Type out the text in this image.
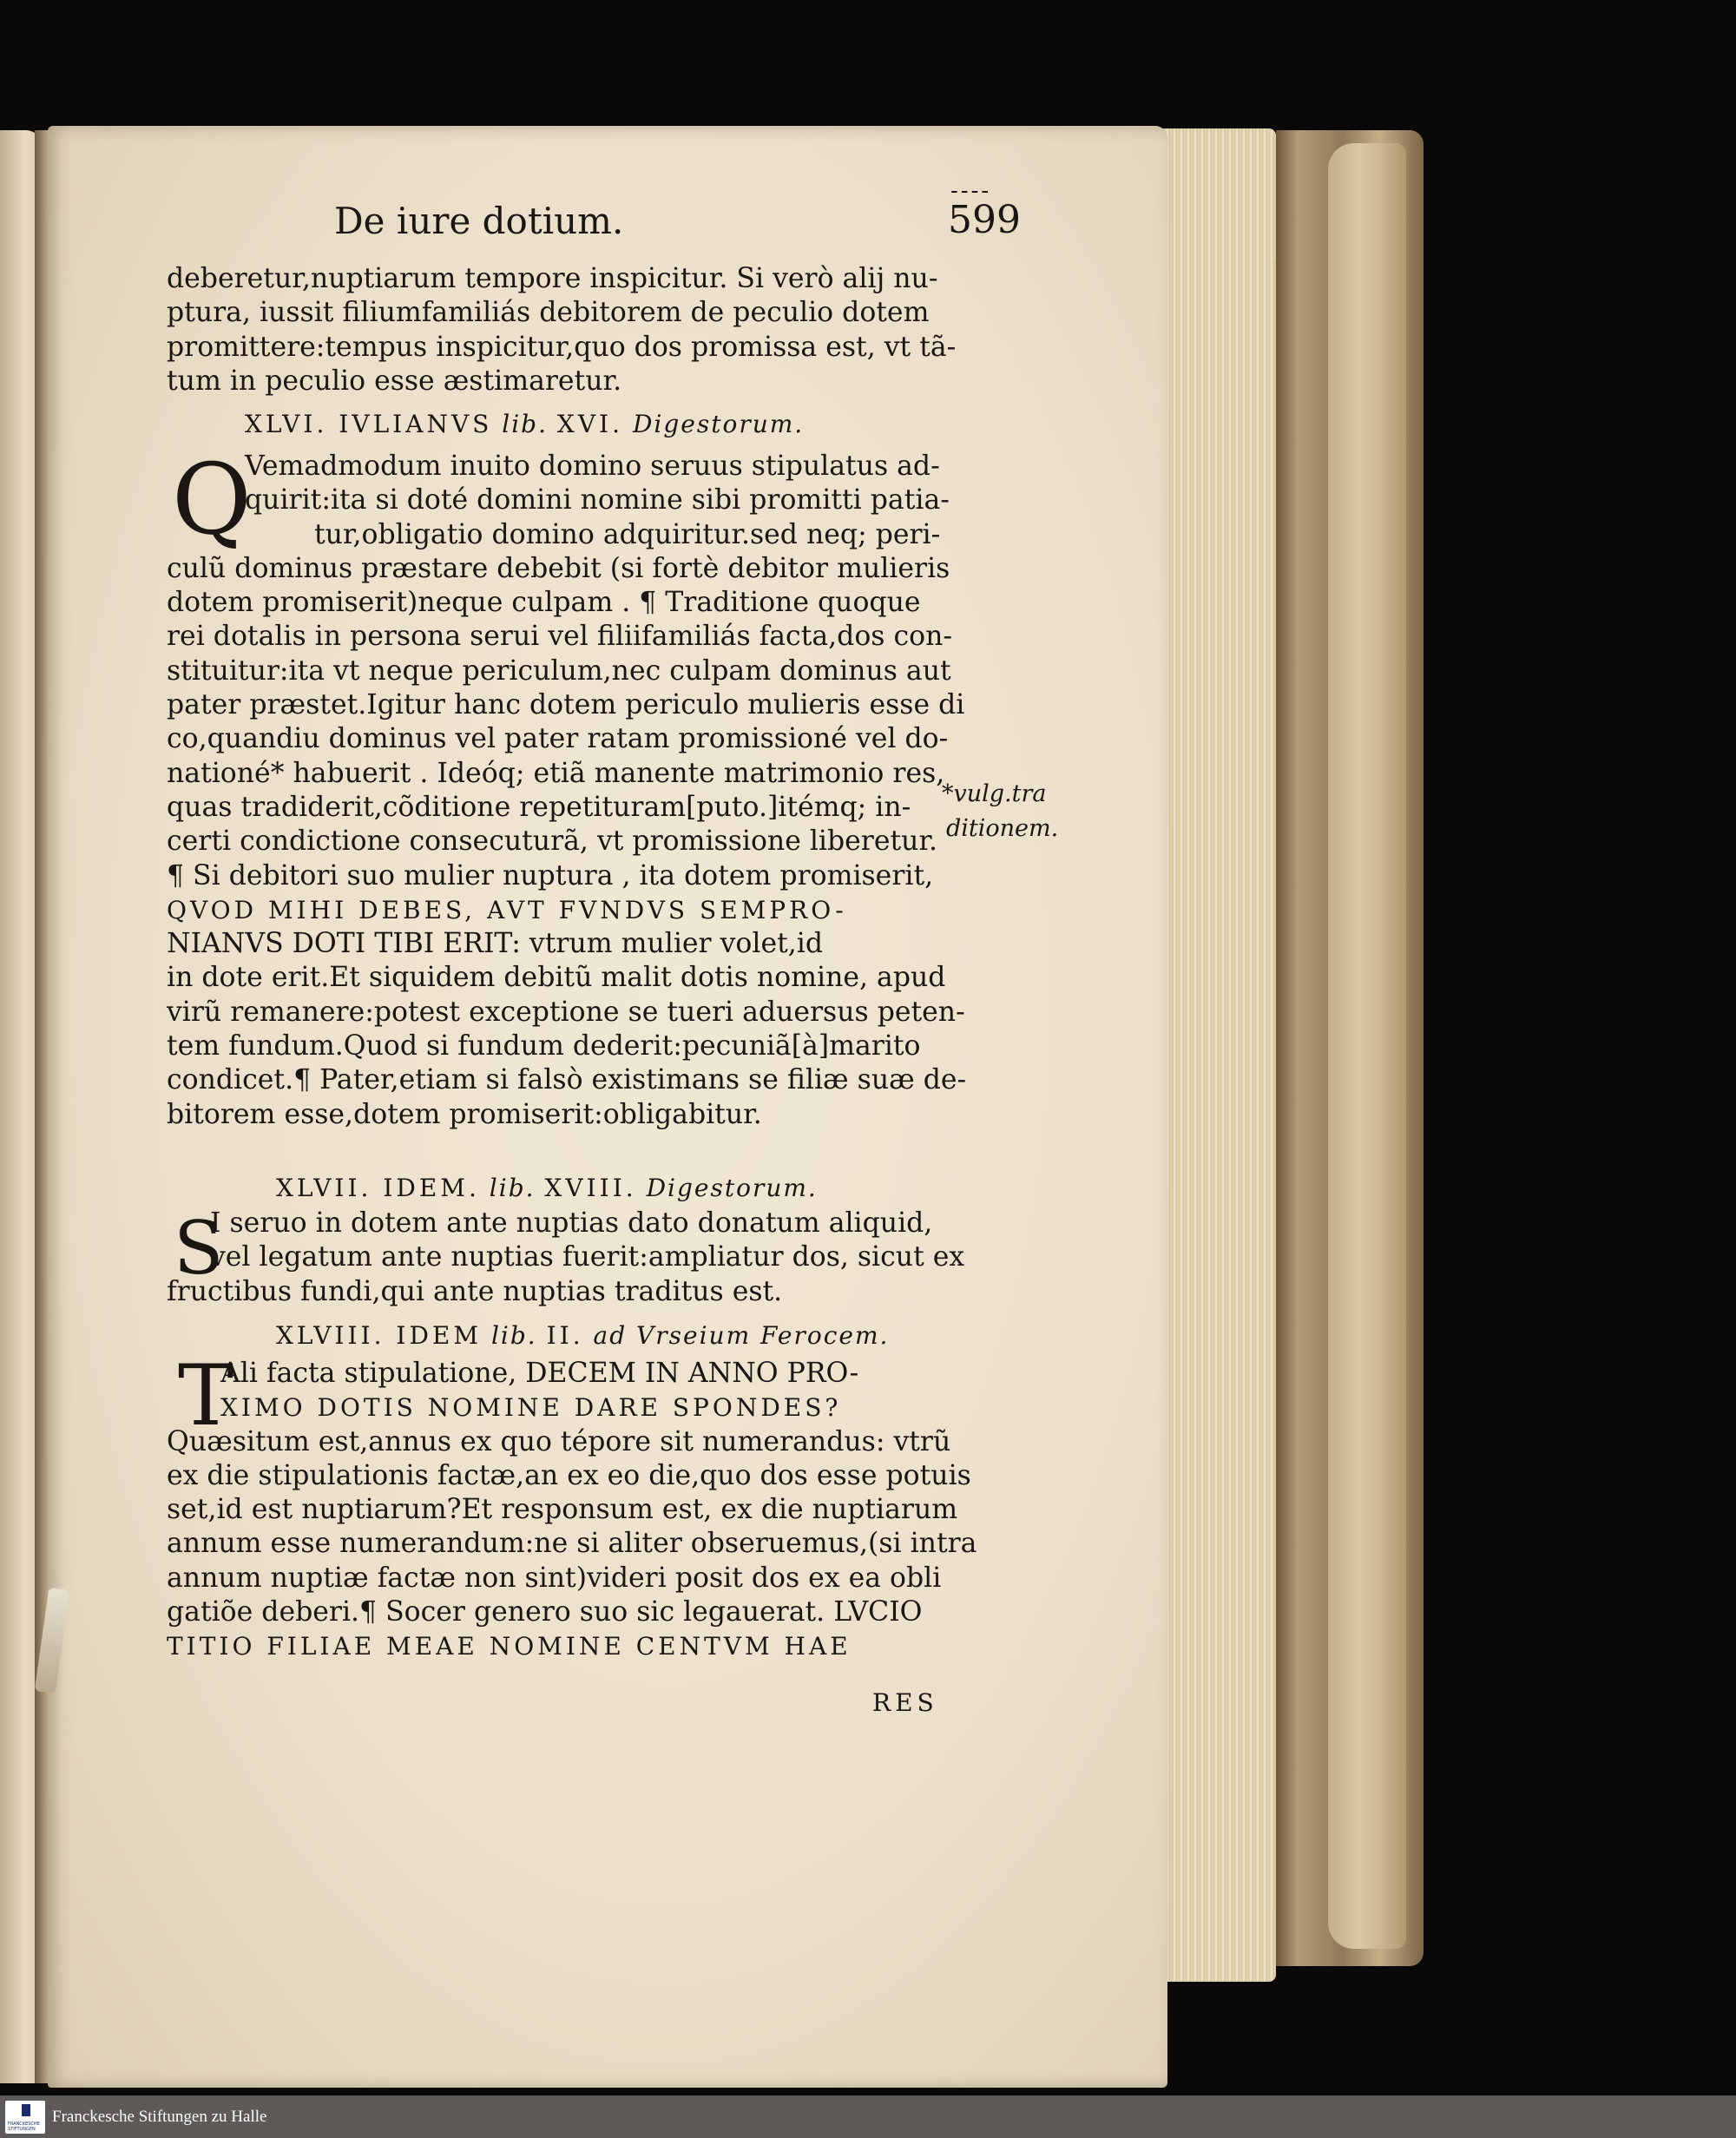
De iure dotium.
----
599
deberetur,nuptiarum tempore inspicitur. Si verò alij nu-
ptura, iussit filiumfamiliás debitorem de peculio dotem
promittere:tempus inspicitur,quo dos promissa est, vt tã-
tum in peculio esse æstimaretur.
XLVI. IVLIANVS lib. XVI. Digestorum.
Q
Vemadmodum inuito domino seruus stipulatus ad-
quirit:ita si doté domini nomine sibi promitti patia-
tur,obligatio domino adquiritur.sed neq; peri-
culũ dominus præstare debebit (si fortè debitor mulieris
dotem promiserit)neque culpam . ¶ Traditione quoque
rei dotalis in persona serui vel filiifamiliás facta,dos con-
stituitur:ita vt neque periculum,nec culpam dominus aut
pater præstet.Igitur hanc dotem periculo mulieris esse di
co,quandiu dominus vel pater ratam promissioné vel do-
nationé* habuerit . Ideóq; etiã manente matrimonio res,
quas tradiderit,cõditione repetituram[puto.]itémq; in-
certi condictione consecuturã, vt promissione liberetur.
¶ Si debitori suo mulier nuptura , ita dotem promiserit,
QVOD MIHI DEBES, AVT FVNDVS SEMPRO-
NIANVS DOTI TIBI ERIT: vtrum mulier volet,id
in dote erit.Et siquidem debitũ malit dotis nomine, apud
virũ remanere:potest exceptione se tueri aduersus peten-
tem fundum.Quod si fundum dederit:pecuniã[à]marito
condicet.¶ Pater,etiam si falsò existimans se filiæ suæ de-
bitorem esse,dotem promiserit:obligabitur.
*vulg.tra
ditionem.
XLVII. IDEM. lib. XVIII. Digestorum.
S
I seruo in dotem ante nuptias dato donatum aliquid,
vel legatum ante nuptias fuerit:ampliatur dos, sicut ex
fructibus fundi,qui ante nuptias traditus est.
XLVIII. IDEM lib. II. ad Vrseium Ferocem.
T
Ali facta stipulatione, DECEM IN ANNO PRO-
XIMO DOTIS NOMINE DARE SPONDES?
Quæsitum est,annus ex quo tépore sit numerandus: vtrũ
ex die stipulationis factæ,an ex eo die,quo dos esse potuis
set,id est nuptiarum?Et responsum est, ex die nuptiarum
annum esse numerandum:ne si aliter obseruemus,(si intra
annum nuptiæ factæ non sint)videri posit dos ex ea obli
gatiõe deberi.¶ Socer genero suo sic legauerat. LVCIO
TITIO FILIAE MEAE NOMINE CENTVM HAE
RES
FRANCKESCHE STIFTUNGEN
Franckesche Stiftungen zu Halle
